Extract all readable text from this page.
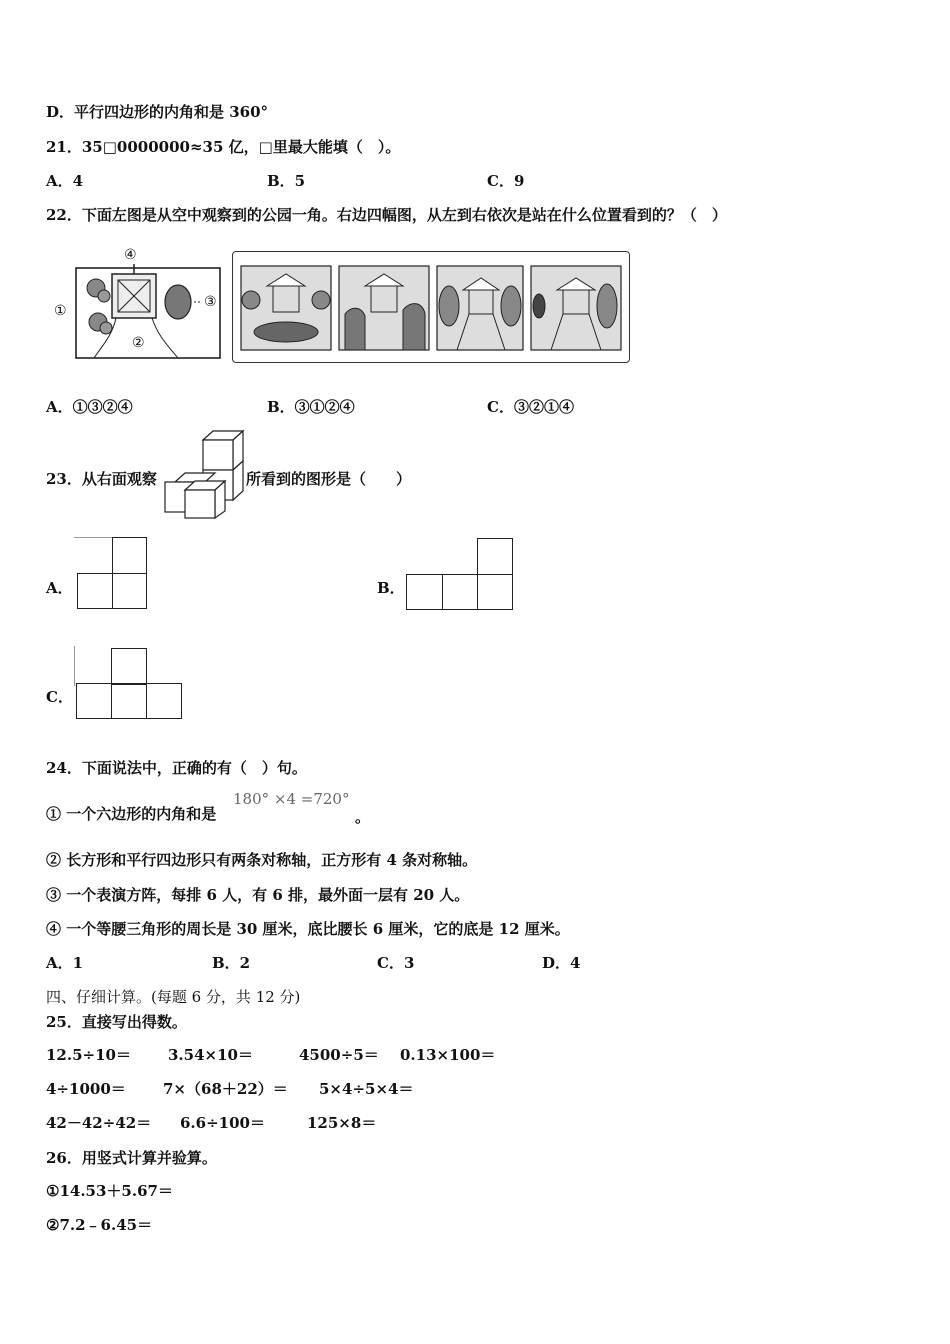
D．平行四边形的内角和是 360°
21．35□0000000≈35 亿，□里最大能填（　）。
A．4	B．5	C．9
22．下面左图是从空中观察到的公园一角。右边四幅图，从左到右依次是站在什么位置看到的？（　）
①
②
③
④
A．①③②④	B．③①②④	C．③②①④
23．从右面观察	所看到的图形是（　　）
A．	B．
C．
24．下面说法中，正确的有（　）句。
① 一个六边形的内角和是
180° ×4 =720°
。
② 长方形和平行四边形只有两条对称轴，正方形有 4 条对称轴。
③ 一个表演方阵，每排 6 人，有 6 排，最外面一层有 20 人。
④ 一个等腰三角形的周长是 30 厘米，底比腰长 6 厘米，它的底是 12 厘米。
A．1	B．2	C．3	D．4
四、仔细计算。(每题 6 分，共 12 分)
25．直接写出得数。
12.5÷10＝ 3.54×10＝	4500÷5＝ 0.13×100＝
4÷1000＝ 7×（68＋22）＝ 5×4÷5×4＝
42－42÷42＝ 6.6÷100＝	125×8＝
26．用竖式计算并验算。
①14.53＋5.67＝
②7.2﹣6.45＝
